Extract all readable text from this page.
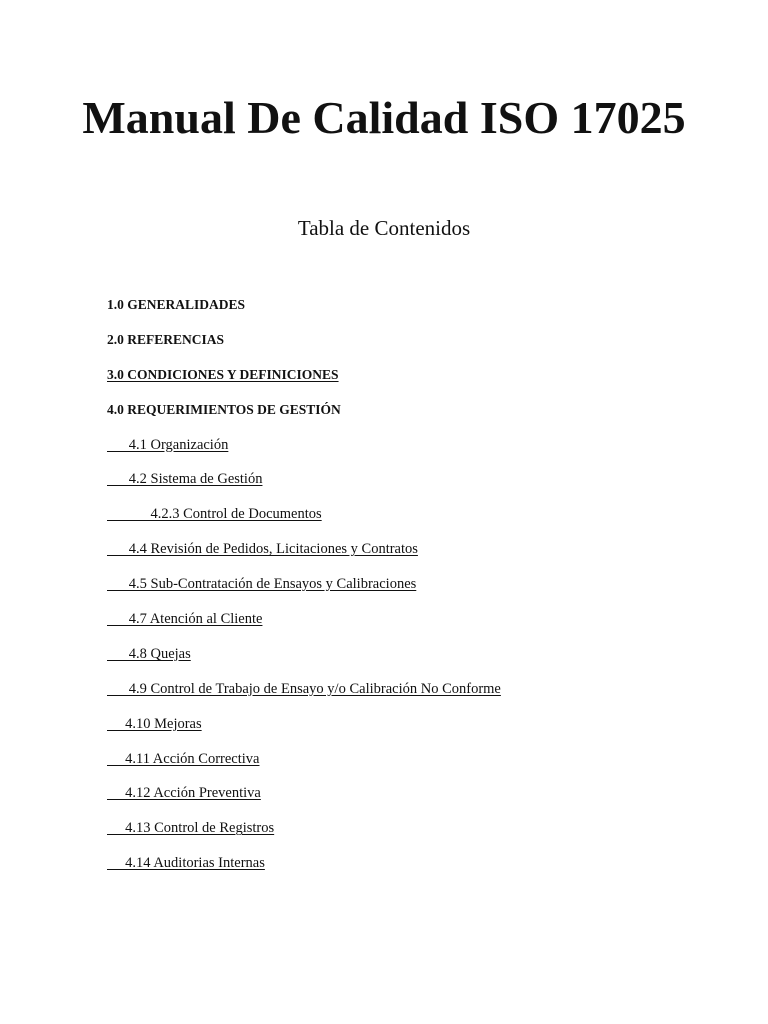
Manual De Calidad ISO 17025

Tabla de Contenidos

1.0 GENERALIDADES
2.0 REFERENCIAS
3.0 CONDICIONES Y DEFINICIONES
4.0 REQUERIMIENTOS DE GESTIÓN
4.1 Organización
4.2 Sistema de Gestión
4.2.3 Control de Documentos
4.4 Revisión de Pedidos, Licitaciones y Contratos
4.5 Sub-Contratación de Ensayos y Calibraciones
4.7 Atención al Cliente
4.8 Quejas
4.9 Control de Trabajo de Ensayo y/o Calibración No Conforme
4.10 Mejoras
4.11 Acción Correctiva
4.12 Acción Preventiva
4.13 Control de Registros
4.14 Auditorias Internas
